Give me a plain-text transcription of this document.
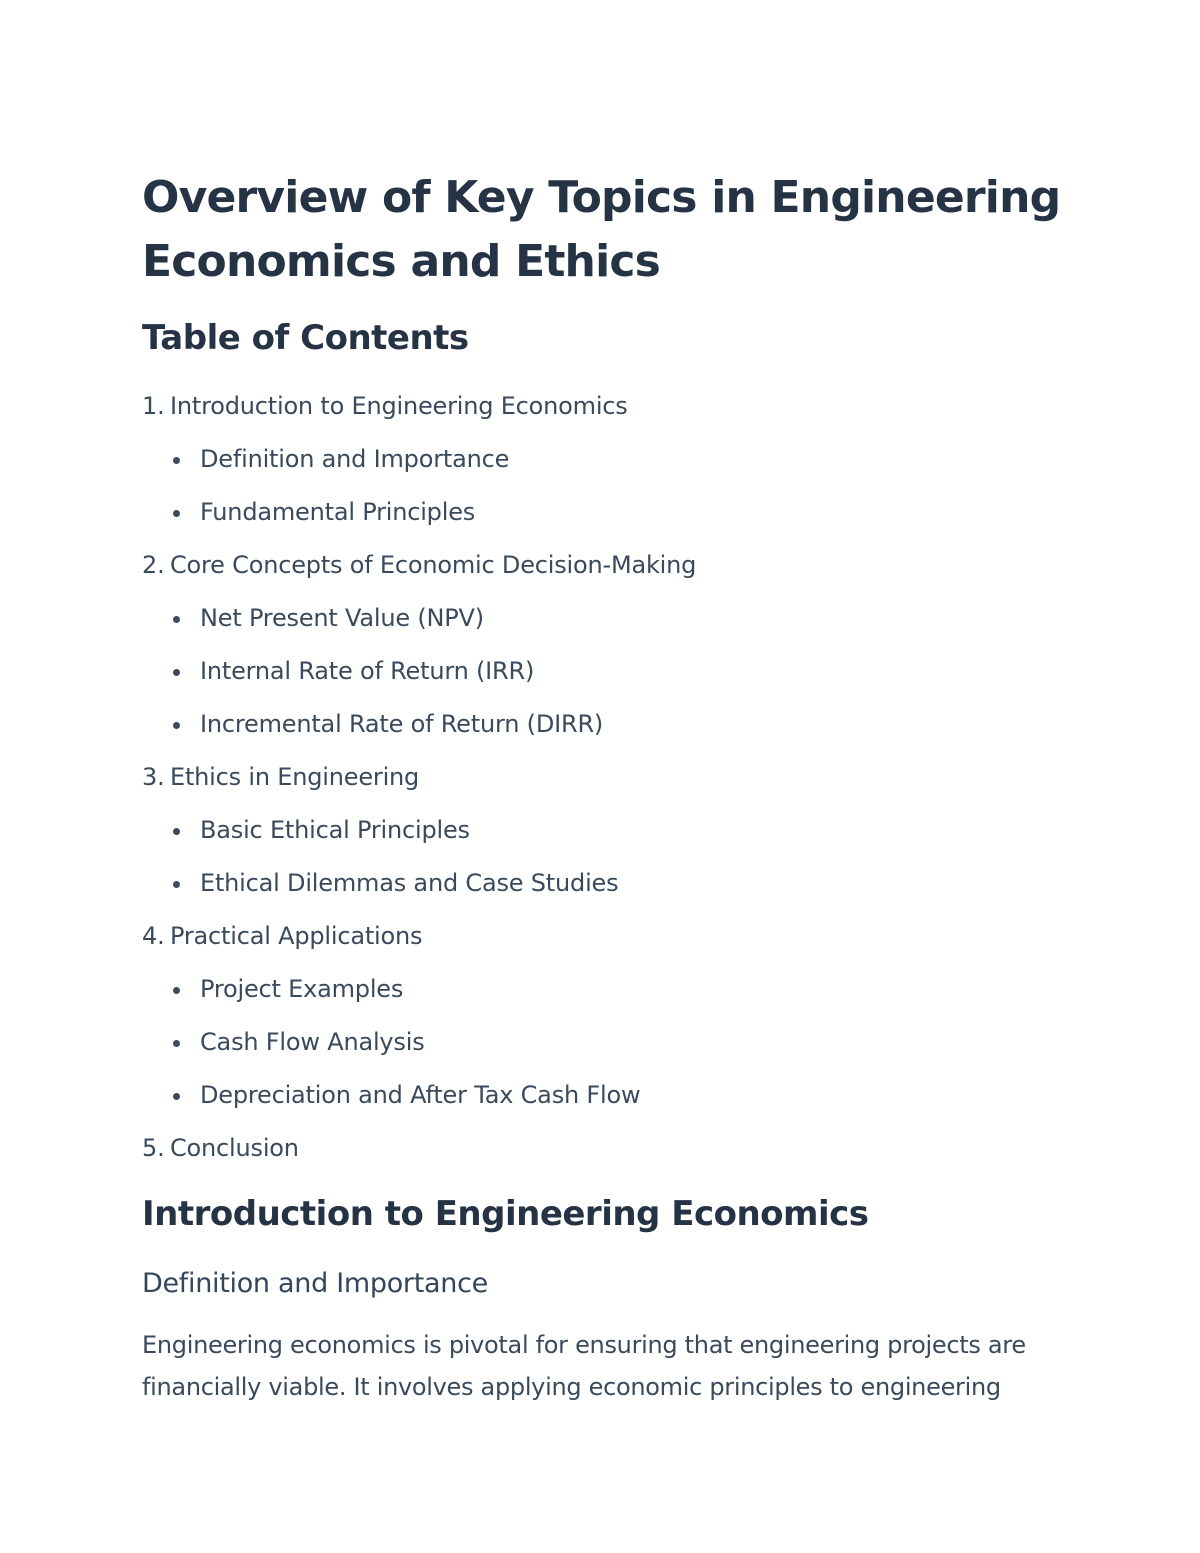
Overview of Key Topics in Engineering Economics and Ethics
Table of Contents
1. Introduction to Engineering Economics
Definition and Importance
Fundamental Principles
2. Core Concepts of Economic Decision-Making
Net Present Value (NPV)
Internal Rate of Return (IRR)
Incremental Rate of Return (DIRR)
3. Ethics in Engineering
Basic Ethical Principles
Ethical Dilemmas and Case Studies
4. Practical Applications
Project Examples
Cash Flow Analysis
Depreciation and After Tax Cash Flow
5. Conclusion
Introduction to Engineering Economics
Definition and Importance

Engineering economics is pivotal for ensuring that engineering projects are financially viable. It involves applying economic principles to engineering
